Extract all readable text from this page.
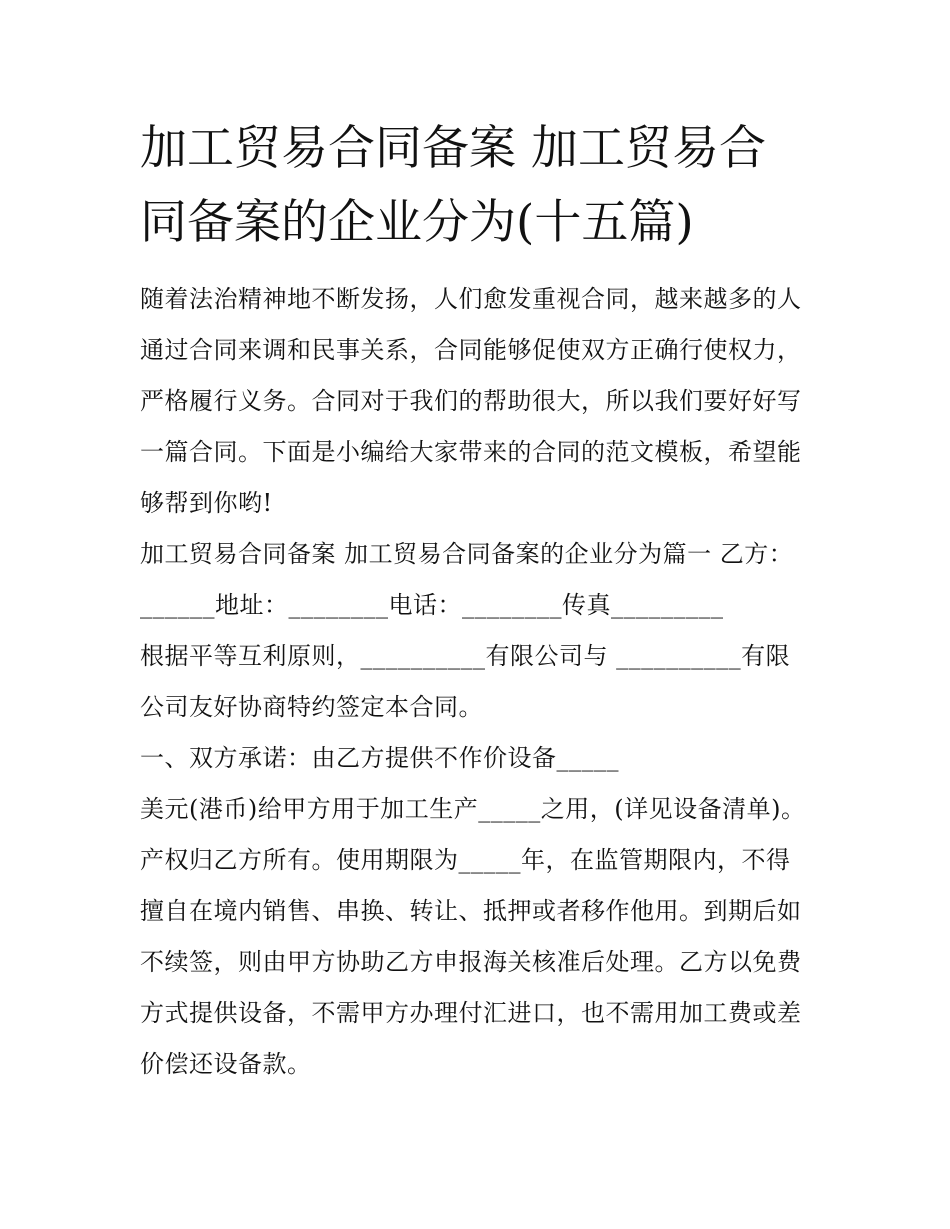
加工贸易合同备案 加工贸易合
同备案的企业分为(十五篇)
随着法治精神地不断发扬，人们愈发重视合同，越来越多的人
通过合同来调和民事关系，合同能够促使双方正确行使权力，
严格履行义务。合同对于我们的帮助很大，所以我们要好好写
一篇合同。下面是小编给大家带来的合同的范文模板，希望能
够帮到你哟!
加工贸易合同备案 加工贸易合同备案的企业分为篇一 乙方：
______地址：________电话：________传真_________
根据平等互利原则，__________有限公司与 __________有限
公司友好协商特约签定本合同。
一、双方承诺：由乙方提供不作价设备_____
美元(港币)给甲方用于加工生产_____之用，(详见设备清单)。
产权归乙方所有。使用期限为_____年，在监管期限内，不得
擅自在境内销售、串换、转让、抵押或者移作他用。到期后如
不续签，则由甲方协助乙方申报海关核准后处理。乙方以免费
方式提供设备，不需甲方办理付汇进口，也不需用加工费或差
价偿还设备款。
